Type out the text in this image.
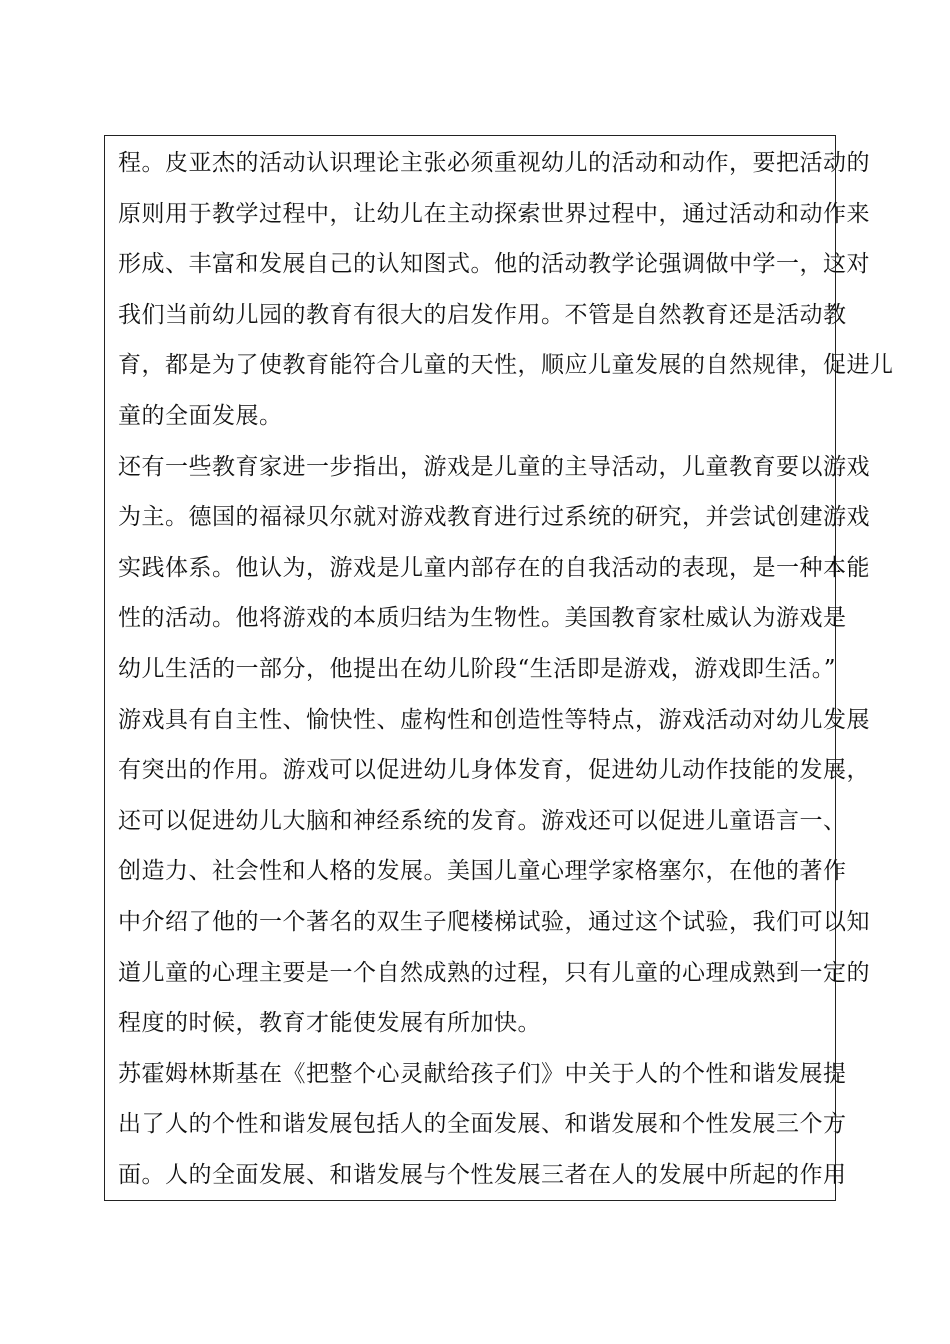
程。皮亚杰的活动认识理论主张必须重视幼儿的活动和动作，要把活动的
原则用于教学过程中，让幼儿在主动探索世界过程中，通过活动和动作来
形成、丰富和发展自己的认知图式。他的活动教学论强调做中学一，这对
我们当前幼儿园的教育有很大的启发作用。不管是自然教育还是活动教
育，都是为了使教育能符合儿童的天性，顺应儿童发展的自然规律，促进儿
童的全面发展。
还有一些教育家进一步指出，游戏是儿童的主导活动，儿童教育要以游戏
为主。德国的福禄贝尔就对游戏教育进行过系统的研究，并尝试创建游戏
实践体系。他认为，游戏是儿童内部存在的自我活动的表现，是一种本能
性的活动。他将游戏的本质归结为生物性。美国教育家杜威认为游戏是
幼儿生活的一部分，他提出在幼儿阶段“生活即是游戏，游戏即生活。”
游戏具有自主性、愉快性、虚构性和创造性等特点，游戏活动对幼儿发展
有突出的作用。游戏可以促进幼儿身体发育，促进幼儿动作技能的发展，
还可以促进幼儿大脑和神经系统的发育。游戏还可以促进儿童语言一、
创造力、社会性和人格的发展。美国儿童心理学家格塞尔，在他的著作
中介绍了他的一个著名的双生子爬楼梯试验，通过这个试验，我们可以知
道儿童的心理主要是一个自然成熟的过程，只有儿童的心理成熟到一定的
程度的时候，教育才能使发展有所加快。
苏霍姆林斯基在《把整个心灵献给孩子们》中关于人的个性和谐发展提
出了人的个性和谐发展包括人的全面发展、和谐发展和个性发展三个方
面。人的全面发展、和谐发展与个性发展三者在人的发展中所起的作用
